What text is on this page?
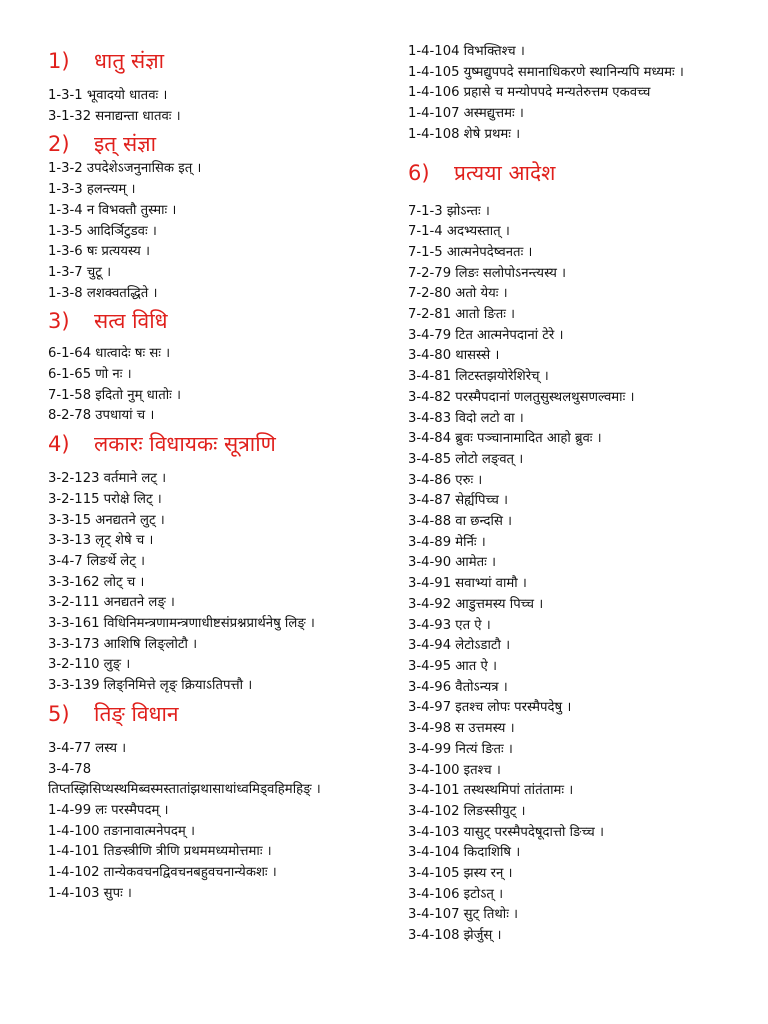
1)	धातु संज्ञा
1-3-1 भूवादयो धातवः ।
3-1-32 सनाद्यन्ता धातवः ।
2)	इत् संज्ञा
1-3-2 उपदेशेऽजनुनासिक इत् ।
1-3-3 हलन्त्यम् ।
1-3-4 न विभक्तौ तुस्माः ।
1-3-5 आदिर्ञिटुडवः ।
1-3-6 षः प्रत्ययस्य ।
1-3-7 चुटू ।
1-3-8 लशक्वतद्धिते ।
3)	सत्व विधि
6-1-64 धात्वादेः षः सः ।
6-1-65 णो नः ।
7-1-58 इदितो नुम् धातोः ।
8-2-78 उपधायां च ।
4)	लकारः विधायकः सूत्राणि
3-2-123 वर्तमाने लट् ।
3-2-115 परोक्षे लिट् ।
3-3-15 अनद्यतने लुट् ।
3-3-13 लृट् शेषे च ।
3-4-7 लिङर्थे लेट् ।
3-3-162 लोट् च ।
3-2-111 अनद्यतने लङ् ।
3-3-161 विधिनिमन्त्रणामन्त्रणाधीष्टसंप्रश्नप्रार्थनेषु लिङ् ।
3-3-173 आशिषि लिङ्लोटौ ।
3-2-110 लुङ् ।
3-3-139 लिङ्निमित्ते लृङ् क्रियाऽतिपत्तौ ।
5)	तिङ् विधान
3-4-77 लस्य ।
3-4-78
तिप्तस्झिसिप्थस्थमिब्वस्मस्तातांझथासाथांध्वमिड्वहिमहिङ् ।
1-4-99 लः परस्मैपदम् ।
1-4-100 तङानावात्मनेपदम् ।
1-4-101 तिङस्त्रीणि त्रीणि प्रथममध्यमोत्तमाः ।
1-4-102 तान्येकवचनद्विवचनबहुवचनान्येकशः ।
1-4-103 सुपः ।
1-4-104 विभक्तिश्च ।
1-4-105 युष्मद्युपपदे समानाधिकरणे स्थानिन्यपि मध्यमः ।
1-4-106 प्रहासे च मन्योपपदे मन्यतेरुत्तम एकवच्च
1-4-107 अस्मद्युत्तमः ।
1-4-108 शेषे प्रथमः ।
6)	प्रत्यया आदेश
7-1-3 झोऽन्तः ।
7-1-4 अदभ्यस्तात् ।
7-1-5 आत्मनेपदेष्वनतः ।
7-2-79 लिङः सलोपोऽनन्त्यस्य ।
7-2-80 अतो येयः ।
7-2-81 आतो ङितः ।
3-4-79 टित आत्मनेपदानां टेरे ।
3-4-80 थासस्से ।
3-4-81 लिटस्तझयोरेशिरेच् ।
3-4-82 परस्मैपदानां णलतुसुस्थलथुसणल्वमाः ।
3-4-83 विदो लटो वा ।
3-4-84 ब्रुवः पञ्चानामादित आहो ब्रुवः ।
3-4-85 लोटो लङ्वत् ।
3-4-86 एरुः ।
3-4-87 सेर्ह्यपिच्च ।
3-4-88 वा छन्दसि ।
3-4-89 मेर्निः ।
3-4-90 आमेतः ।
3-4-91 सवाभ्यां वामौ ।
3-4-92 आडुत्तमस्य पिच्च ।
3-4-93 एत ऐ ।
3-4-94 लेटोऽडाटौ ।
3-4-95 आत ऐ ।
3-4-96 वैतोऽन्यत्र ।
3-4-97 इतश्च लोपः परस्मैपदेषु ।
3-4-98 स उत्तमस्य ।
3-4-99 नित्यं ङितः ।
3-4-100 इतश्च ।
3-4-101 तस्थस्थमिपां तांतंतामः ।
3-4-102 लिङस्सीयुट् ।
3-4-103 यासुट् परस्मैपदेषूदात्तो ङिच्च ।
3-4-104 किदाशिषि ।
3-4-105 झस्य रन् ।
3-4-106 इटोऽत् ।
3-4-107 सुट् तिथोः ।
3-4-108 झेर्जुस् ।
